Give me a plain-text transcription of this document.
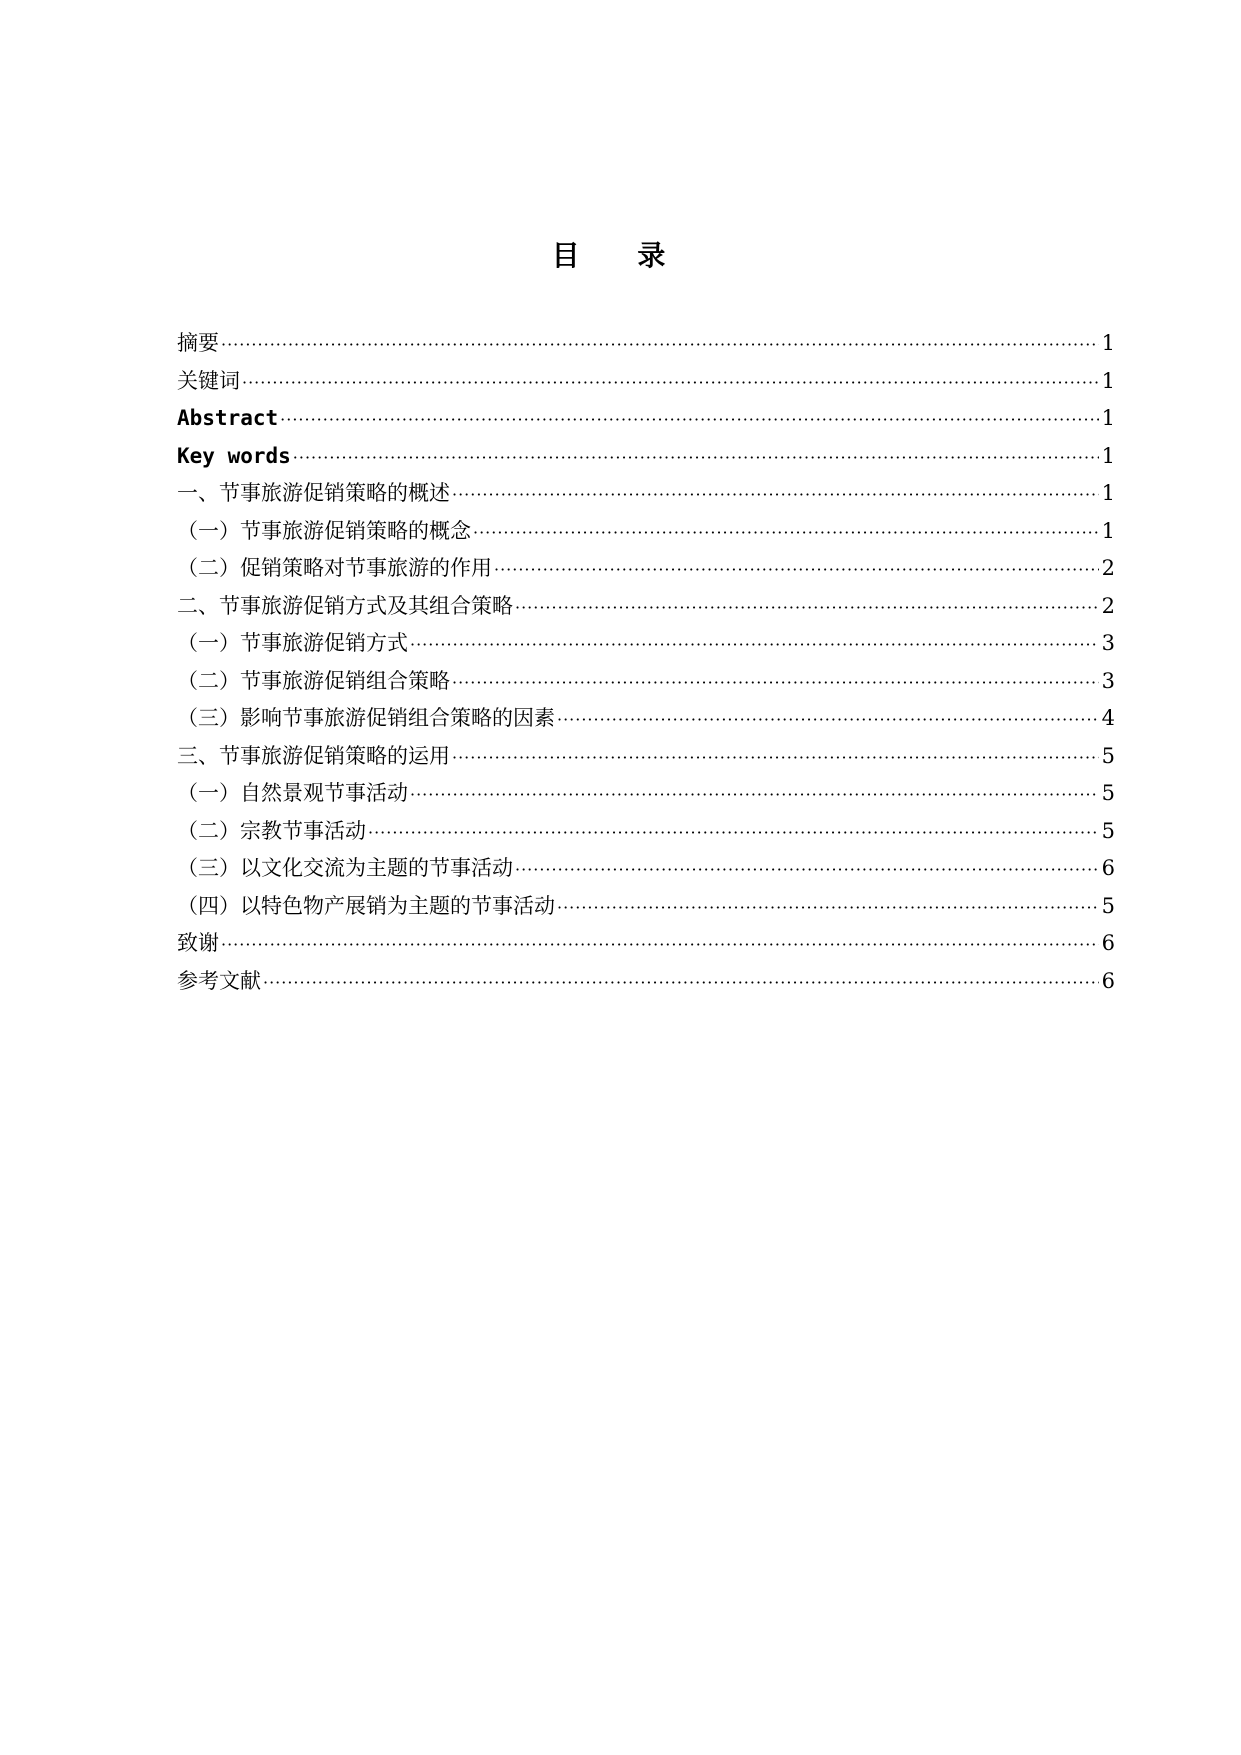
目 录
摘要 ·····	1
关键词 ·····	1
Abstract ·····	1
Key words ·····	1
一、节事旅游促销策略的概述 ·····	1
（一）节事旅游促销策略的概念 ·····	1
（二）促销策略对节事旅游的作用 ·····	2
二、节事旅游促销方式及其组合策略 ·····	2
（一）节事旅游促销方式 ·····	3
（二）节事旅游促销组合策略 ·····	3
（三）影响节事旅游促销组合策略的因素 ·····	4
三、节事旅游促销策略的运用 ·····	5
（一）自然景观节事活动 ·····	5
（二）宗教节事活动 ·····	5
（三）以文化交流为主题的节事活动 ·····	6
（四）以特色物产展销为主题的节事活动 ·····	5
致谢 ·····	6
参考文献 ·····	6
